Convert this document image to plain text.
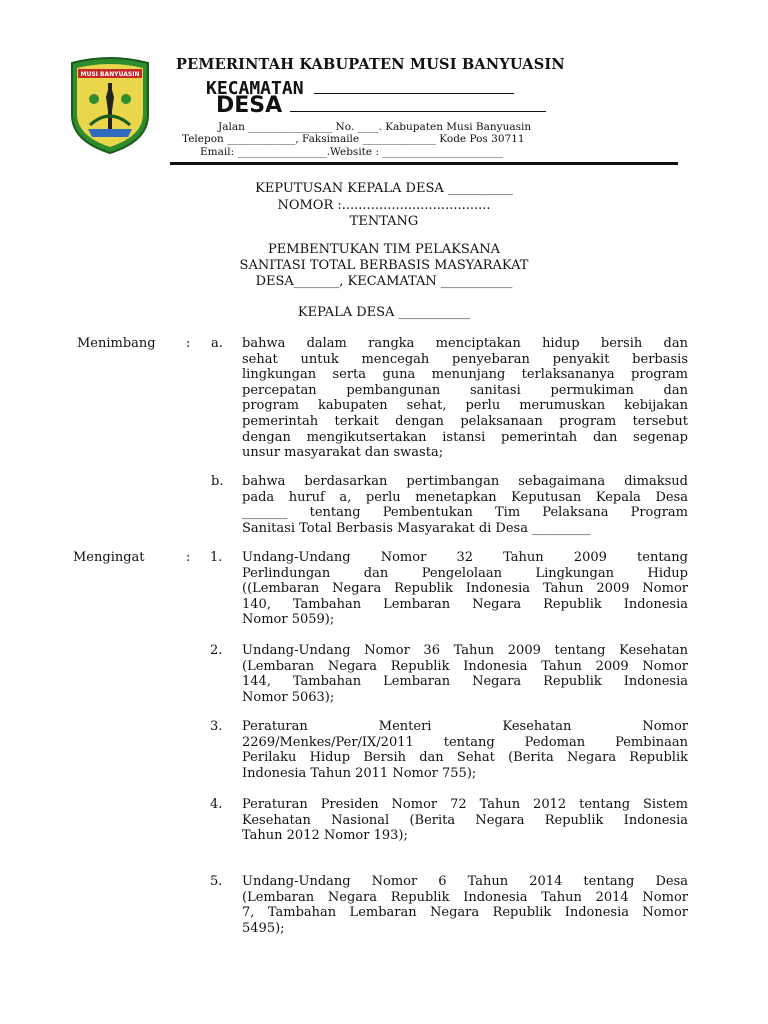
MUSI BANYUASIN
PEMERINTAH KABUPATEN MUSI BANYUASIN
KECAMATAN
DESA
Jalan ________________ No. ____. Kabupaten Musi Banyuasin
Telepon _____________, Faksimaile ______________ Kode Pos 30711
Email: _________________.Website : _______________________
KEPUTUSAN KEPALA DESA __________
NOMOR :....................................
TENTANG
PEMBENTUKAN TIM PELAKSANA
SANITASI TOTAL BERBASIS MASYARAKAT
DESA_______, KECAMATAN ___________
KEPALA DESA ___________
Menimbang : a. bahwa dalam rangka menciptakan hidup bersih dan
sehat untuk mencegah penyebaran penyakit berbasis
lingkungan serta guna menunjang terlaksananya program
percepatan pembangunan sanitasi permukiman dan
program kabupaten sehat, perlu merumuskan kebijakan
pemerintah terkait dengan pelaksanaan program tersebut
dengan mengikutsertakan istansi pemerintah dan segenap
unsur masyarakat dan swasta;
b. bahwa berdasarkan pertimbangan sebagaimana dimaksud
pada huruf a, perlu menetapkan Keputusan Kepala Desa
_______ tentang Pembentukan Tim Pelaksana Program
Sanitasi Total Berbasis Masyarakat di Desa _________
Mengingat	: 1. Undang-Undang Nomor 32 Tahun 2009 tentang
Perlindungan dan Pengelolaan Lingkungan Hidup
((Lembaran Negara Republik Indonesia Tahun 2009 Nomor
140, Tambahan Lembaran Negara Republik Indonesia
Nomor 5059);
2. Undang-Undang Nomor 36 Tahun 2009 tentang Kesehatan
(Lembaran Negara Republik Indonesia Tahun 2009 Nomor
144, Tambahan Lembaran Negara Republik Indonesia
Nomor 5063);
3. Peraturan Menteri Kesehatan Nomor
2269/Menkes/Per/IX/2011 tentang Pedoman Pembinaan
Perilaku Hidup Bersih dan Sehat (Berita Negara Republik
Indonesia Tahun 2011 Nomor 755);
4. Peraturan Presiden Nomor 72 Tahun 2012 tentang Sistem
Kesehatan Nasional (Berita Negara Republik Indonesia
Tahun 2012 Nomor 193);
5. Undang-Undang Nomor 6 Tahun 2014 tentang Desa
(Lembaran Negara Republik Indonesia Tahun 2014 Nomor
7, Tambahan Lembaran Negara Republik Indonesia Nomor
5495);
